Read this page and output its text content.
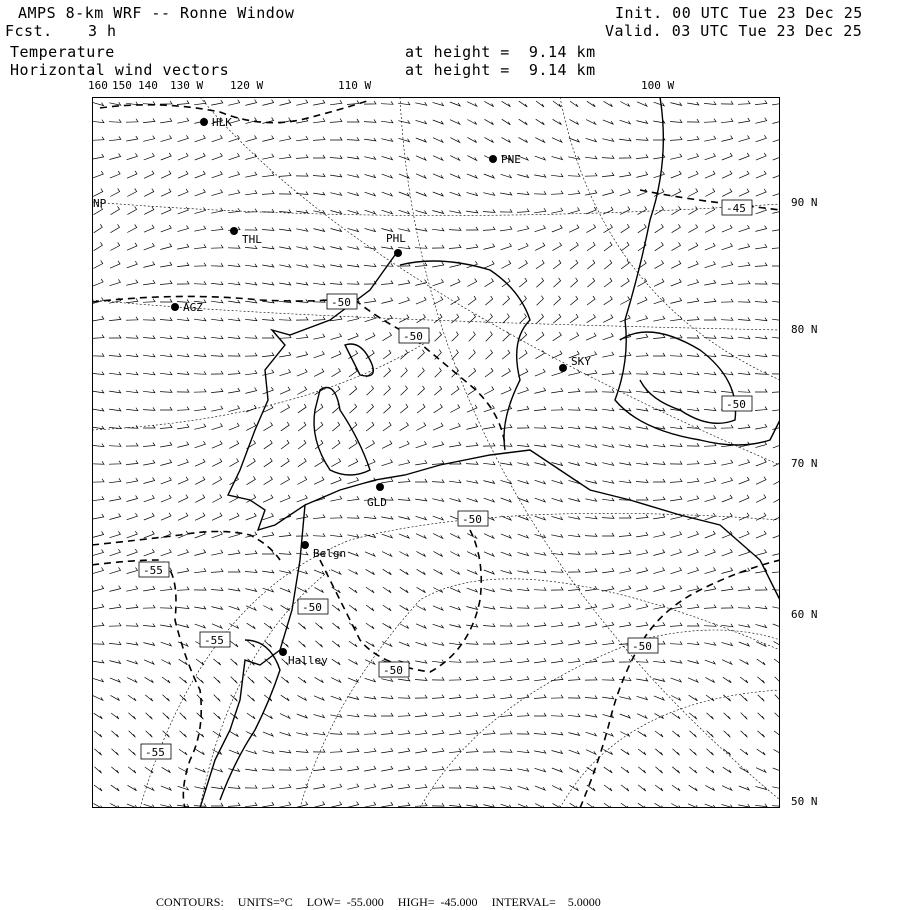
AMPS 8-km WRF -- Ronne Window
Fcst. 3 h
Init. 00 UTC Tue 23 Dec 25
Valid. 03 UTC Tue 23 Dec 25
Temperature
Horizontal wind vectors
at height =  9.14 km
at height =  9.14 km
160 150 140 130 W 120 W	110 W	100 W
90 N
80 N
70 N
60 N
50 N
NP
HLK
PNE
THL	PHL
AGZ
SKY
GLD
Belgn
Halley
-45
-50
-50
-50
-50
-50
-50
-50
-55
-55
-55

CONTOURS: UNITS=°C LOW=  -55.000 HIGH=  -45.000 INTERVAL=    5.0000
